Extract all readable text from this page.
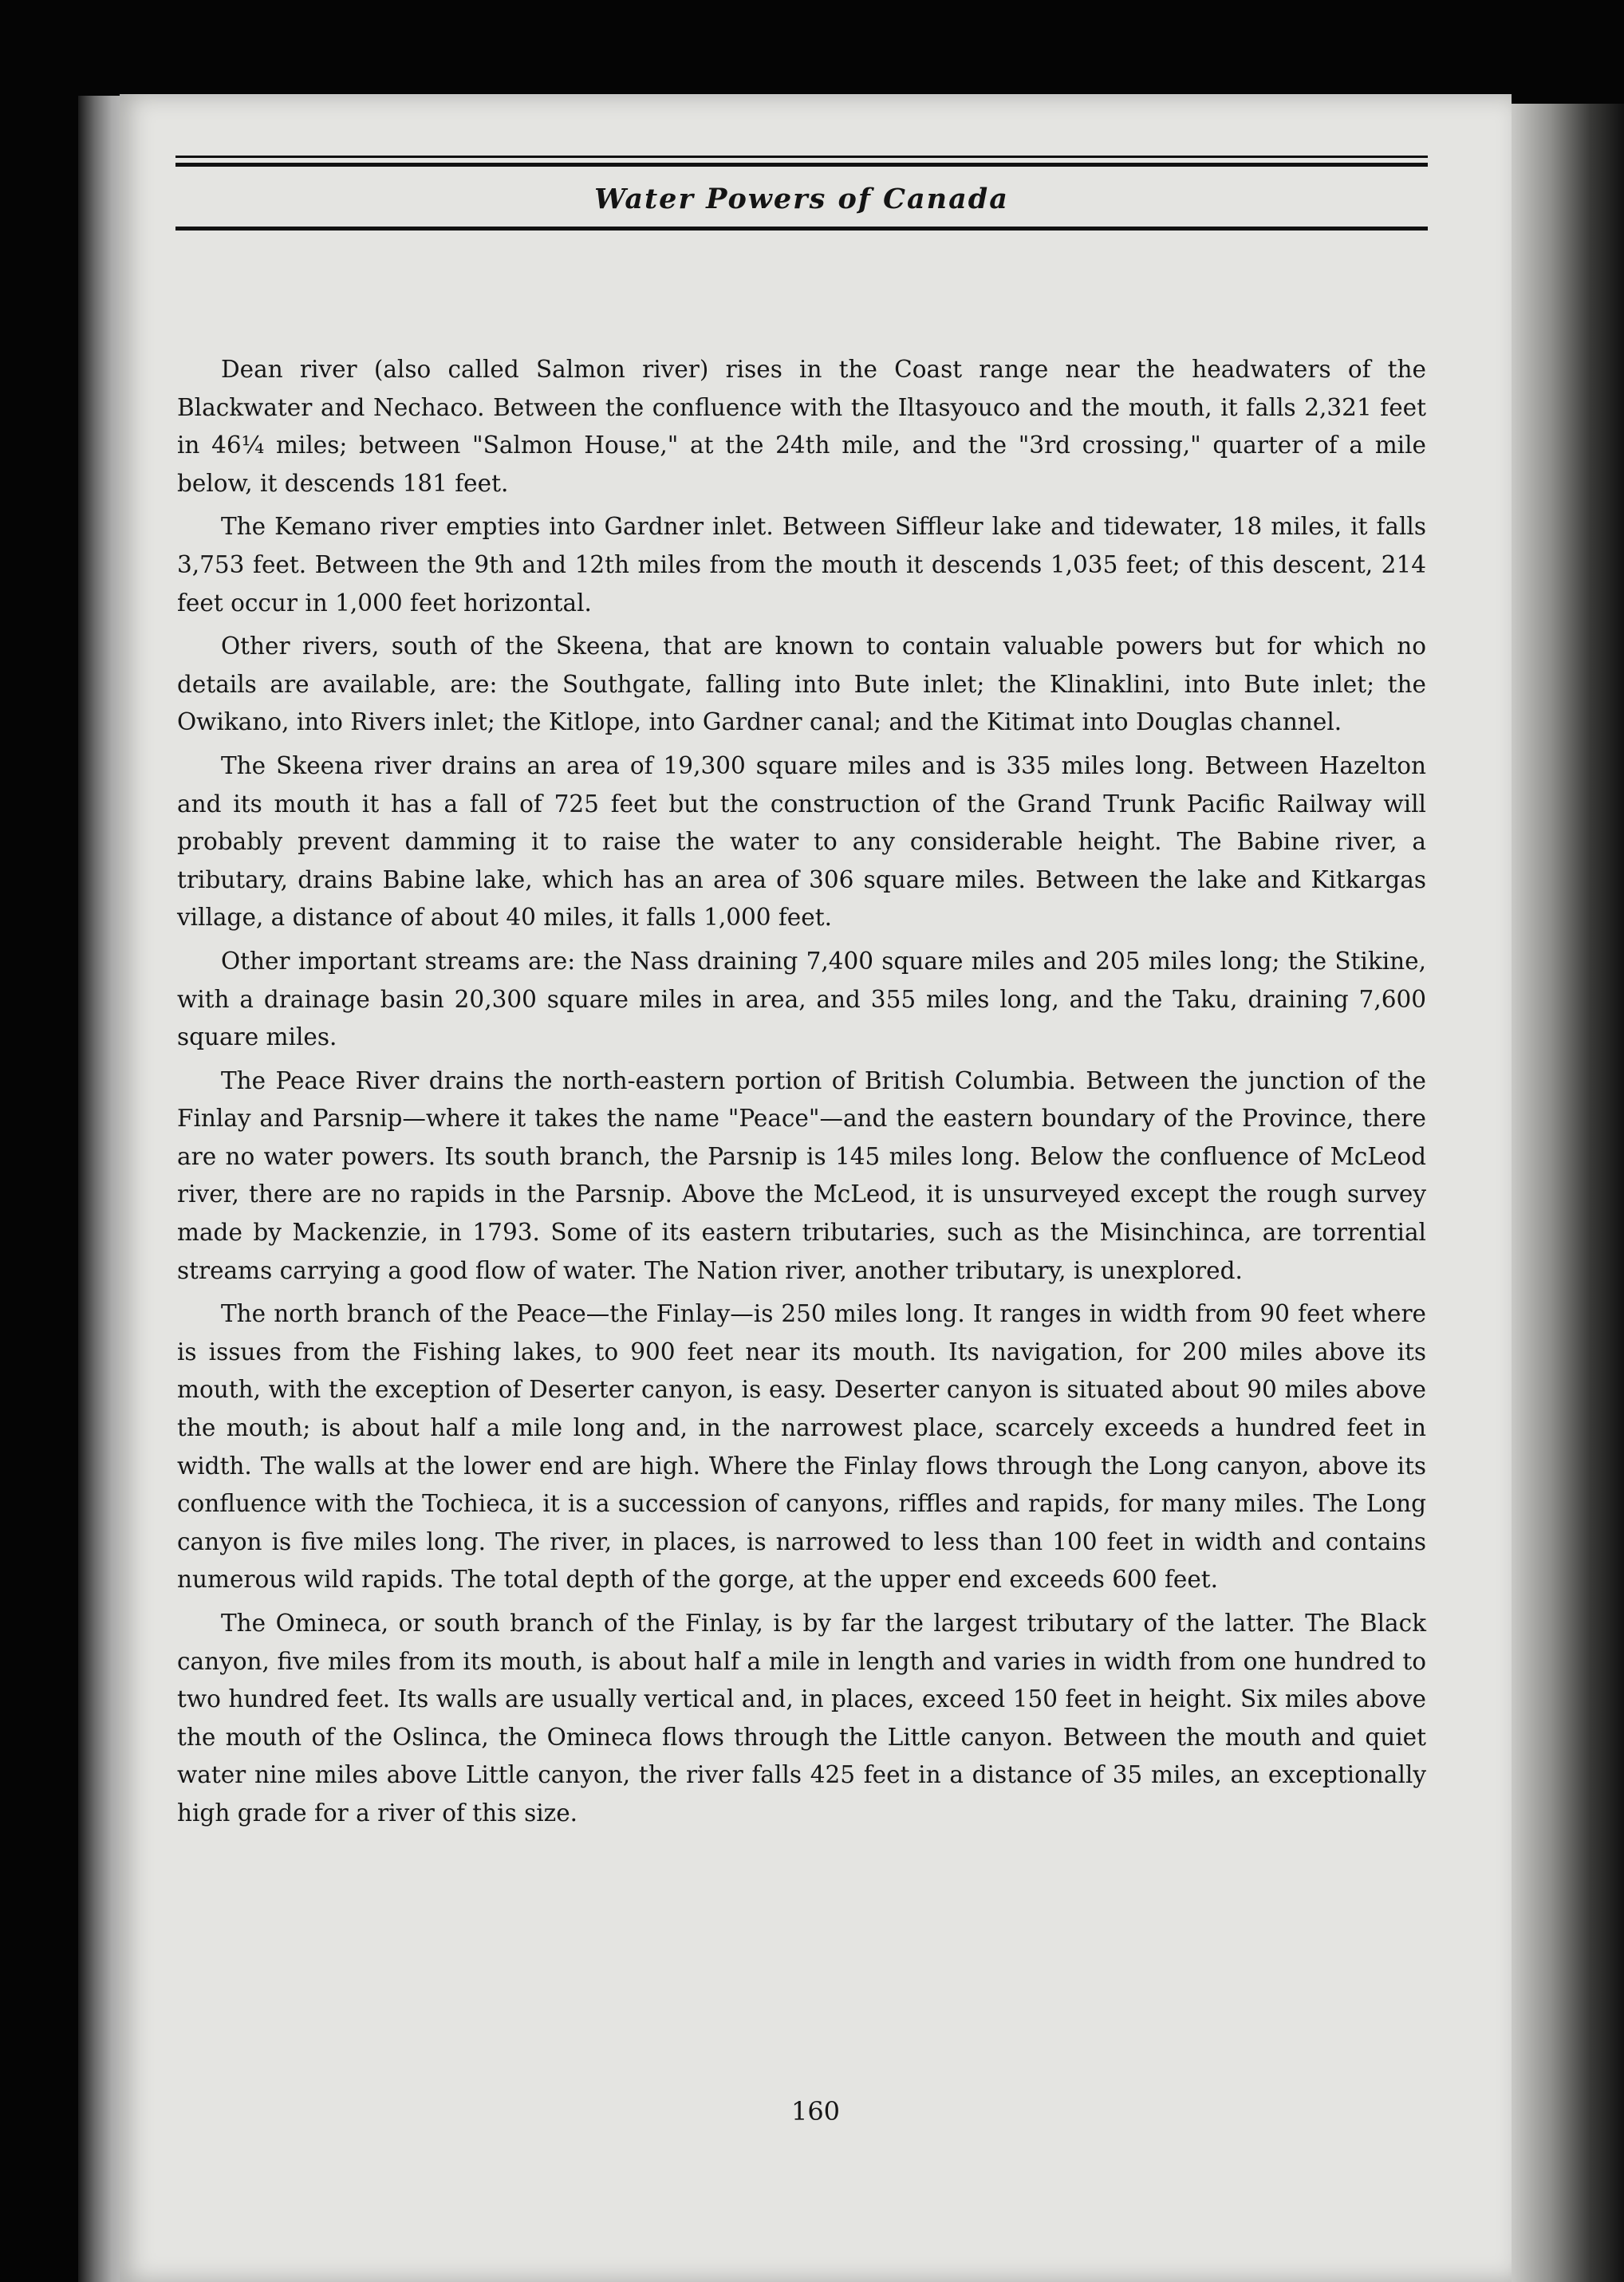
160
Water Powers of Canada

Dean river (also called Salmon river) rises in the Coast range near the headwaters of the Blackwater and Nechaco. Between the confluence with the Iltasyouco and the mouth, it falls 2,321 feet in 46¼ miles; between "Salmon House," at the 24th mile, and the "3rd crossing," quarter of a mile below, it descends 181 feet.

The Kemano river empties into Gardner inlet. Between Siffleur lake and tidewater, 18 miles, it falls 3,753 feet. Between the 9th and 12th miles from the mouth it descends 1,035 feet; of this descent, 214 feet occur in 1,000 feet horizontal.

Other rivers, south of the Skeena, that are known to contain valuable powers but for which no details are available, are: the Southgate, falling into Bute inlet; the Klinaklini, into Bute inlet; the Owikano, into Rivers inlet; the Kitlope, into Gardner canal; and the Kitimat into Douglas channel.

The Skeena river drains an area of 19,300 square miles and is 335 miles long. Between Hazelton and its mouth it has a fall of 725 feet but the construction of the Grand Trunk Pacific Railway will probably prevent damming it to raise the water to any considerable height. The Babine river, a tributary, drains Babine lake, which has an area of 306 square miles. Between the lake and Kitkargas village, a distance of about 40 miles, it falls 1,000 feet.

Other important streams are: the Nass draining 7,400 square miles and 205 miles long; the Stikine, with a drainage basin 20,300 square miles in area, and 355 miles long, and the Taku, draining 7,600 square miles.

The Peace River drains the north-eastern portion of British Columbia. Between the junction of the Finlay and Parsnip—where it takes the name "Peace"—and the eastern boundary of the Province, there are no water powers. Its south branch, the Parsnip is 145 miles long. Below the confluence of McLeod river, there are no rapids in the Parsnip. Above the McLeod, it is unsurveyed except the rough survey made by Mackenzie, in 1793. Some of its eastern tributaries, such as the Misinchinca, are torrential streams carrying a good flow of water. The Nation river, another tributary, is unexplored.

The north branch of the Peace—the Finlay—is 250 miles long. It ranges in width from 90 feet where is issues from the Fishing lakes, to 900 feet near its mouth. Its navigation, for 200 miles above its mouth, with the exception of Deserter canyon, is easy. Deserter canyon is situated about 90 miles above the mouth; is about half a mile long and, in the narrowest place, scarcely exceeds a hundred feet in width. The walls at the lower end are high. Where the Finlay flows through the Long canyon, above its confluence with the Tochieca, it is a succession of canyons, riffles and rapids, for many miles. The Long canyon is five miles long. The river, in places, is narrowed to less than 100 feet in width and contains numerous wild rapids. The total depth of the gorge, at the upper end exceeds 600 feet.

The Omineca, or south branch of the Finlay, is by far the largest tributary of the latter. The Black canyon, five miles from its mouth, is about half a mile in length and varies in width from one hundred to two hundred feet. Its walls are usually vertical and, in places, exceed 150 feet in height. Six miles above the mouth of the Oslinca, the Omineca flows through the Little canyon. Between the mouth and quiet water nine miles above Little canyon, the river falls 425 feet in a distance of 35 miles, an exceptionally high grade for a river of this size.
